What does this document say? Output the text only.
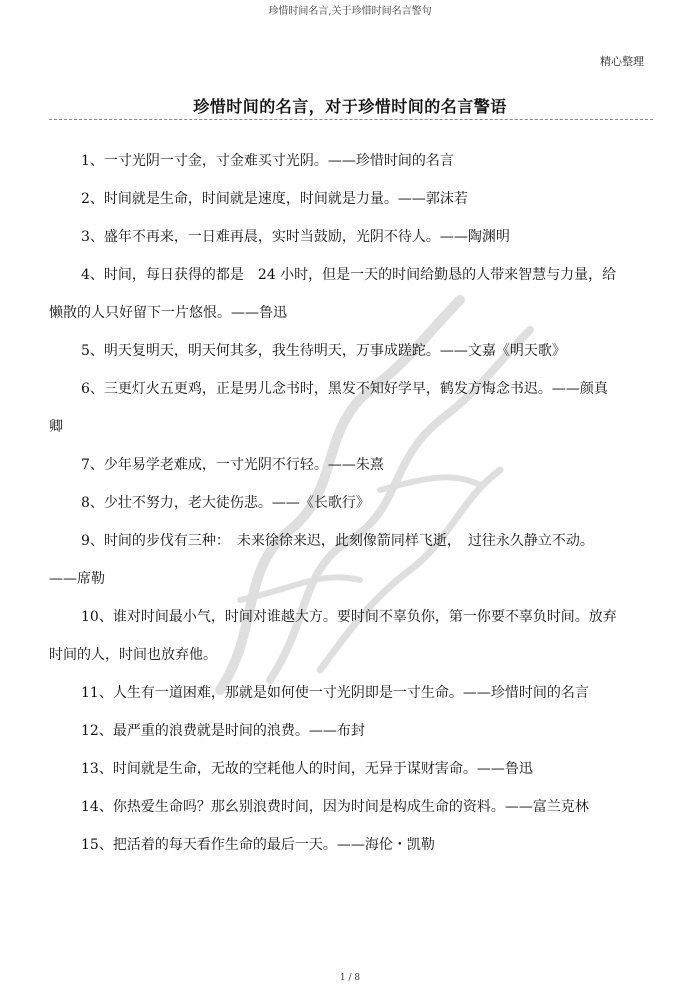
珍惜时间名言,关于珍惜时间名言警句
精心整理
珍惜时间的名言，对于珍惜时间的名言警语

1、一寸光阴一寸金，寸金难买寸光阴。——珍惜时间的名言

2、时间就是生命，时间就是速度，时间就是力量。——郭沫若

3、盛年不再来，一日难再晨，实时当鼓励，光阴不待人。——陶渊明

4、时间，每日获得的都是　24 小时，但是一天的时间给勤恳的人带来智慧与力量，给懒散的人只好留下一片悠恨。——鲁迅

5、明天复明天，明天何其多，我生待明天，万事成蹉跎。——文嘉《明天歌》

6、三更灯火五更鸡，正是男儿念书时，黑发不知好学早，鹤发方悔念书迟。——颜真卿

7、少年易学老难成，一寸光阴不行轻。——朱熹

8、少壮不努力，老大徒伤悲。——《长歌行》

9、时间的步伐有三种：　未来徐徐来迟，此刻像箭同样飞逝，　过往永久静立不动。——席勒

10、谁对时间最小气，时间对谁越大方。要时间不辜负你，第一你要不辜负时间。放弃时间的人，时间也放弃他。

11、人生有一道困难，那就是如何使一寸光阴即是一寸生命。——珍惜时间的名言

12、最严重的浪费就是时间的浪费。——布封

13、时间就是生命，无故的空耗他人的时间，无异于谋财害命。——鲁迅

14、你热爱生命吗？那幺别浪费时间，因为时间是构成生命的资料。——富兰克林

15、把活着的每天看作生命的最后一天。——海伦・凯勒

1 / 8
